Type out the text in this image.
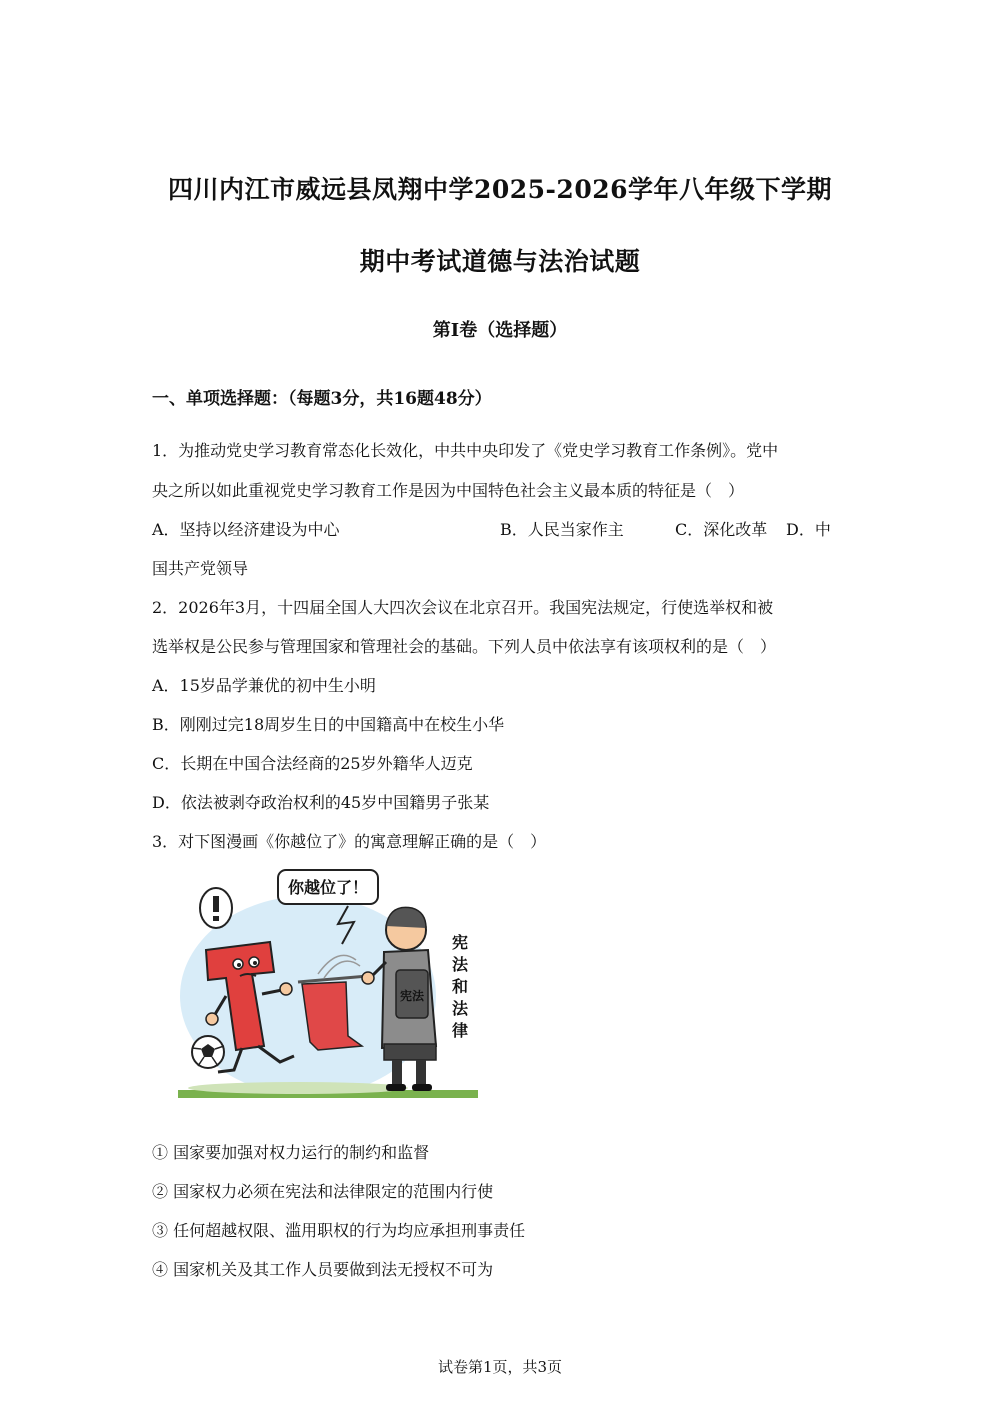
四川内江市威远县凤翔中学2025-2026学年八年级下学期
期中考试道德与法治试题
第Ⅰ卷（选择题）
一、单项选择题：（每题3分，共16题48分）
1．为推动党史学习教育常态化长效化，中共中央印发了《党史学习教育工作条例》。党中
央之所以如此重视党史学习教育工作是因为中国特色社会主义最本质的特征是（　）
A．坚持以经济建设为中心	B．人民当家作主	C．深化改革 D．中
国共产党领导
2．2026年3月，十四届全国人大四次会议在北京召开。我国宪法规定，行使选举权和被
选举权是公民参与管理国家和管理社会的基础。下列人员中依法享有该项权利的是（　）
A．15岁品学兼优的初中生小明
B．刚刚过完18周岁生日的中国籍高中在校生小华
C．长期在中国合法经商的25岁外籍华人迈克
D．依法被剥夺政治权利的45岁中国籍男子张某
3．对下图漫画《你越位了》的寓意理解正确的是（　）
你越位了！
宪法
宪
法
和
法
律
① 国家要加强对权力运行的制约和监督
② 国家权力必须在宪法和法律限定的范围内行使
③ 任何超越权限、滥用职权的行为均应承担刑事责任
④ 国家机关及其工作人员要做到法无授权不可为
试卷第1页，共3页
